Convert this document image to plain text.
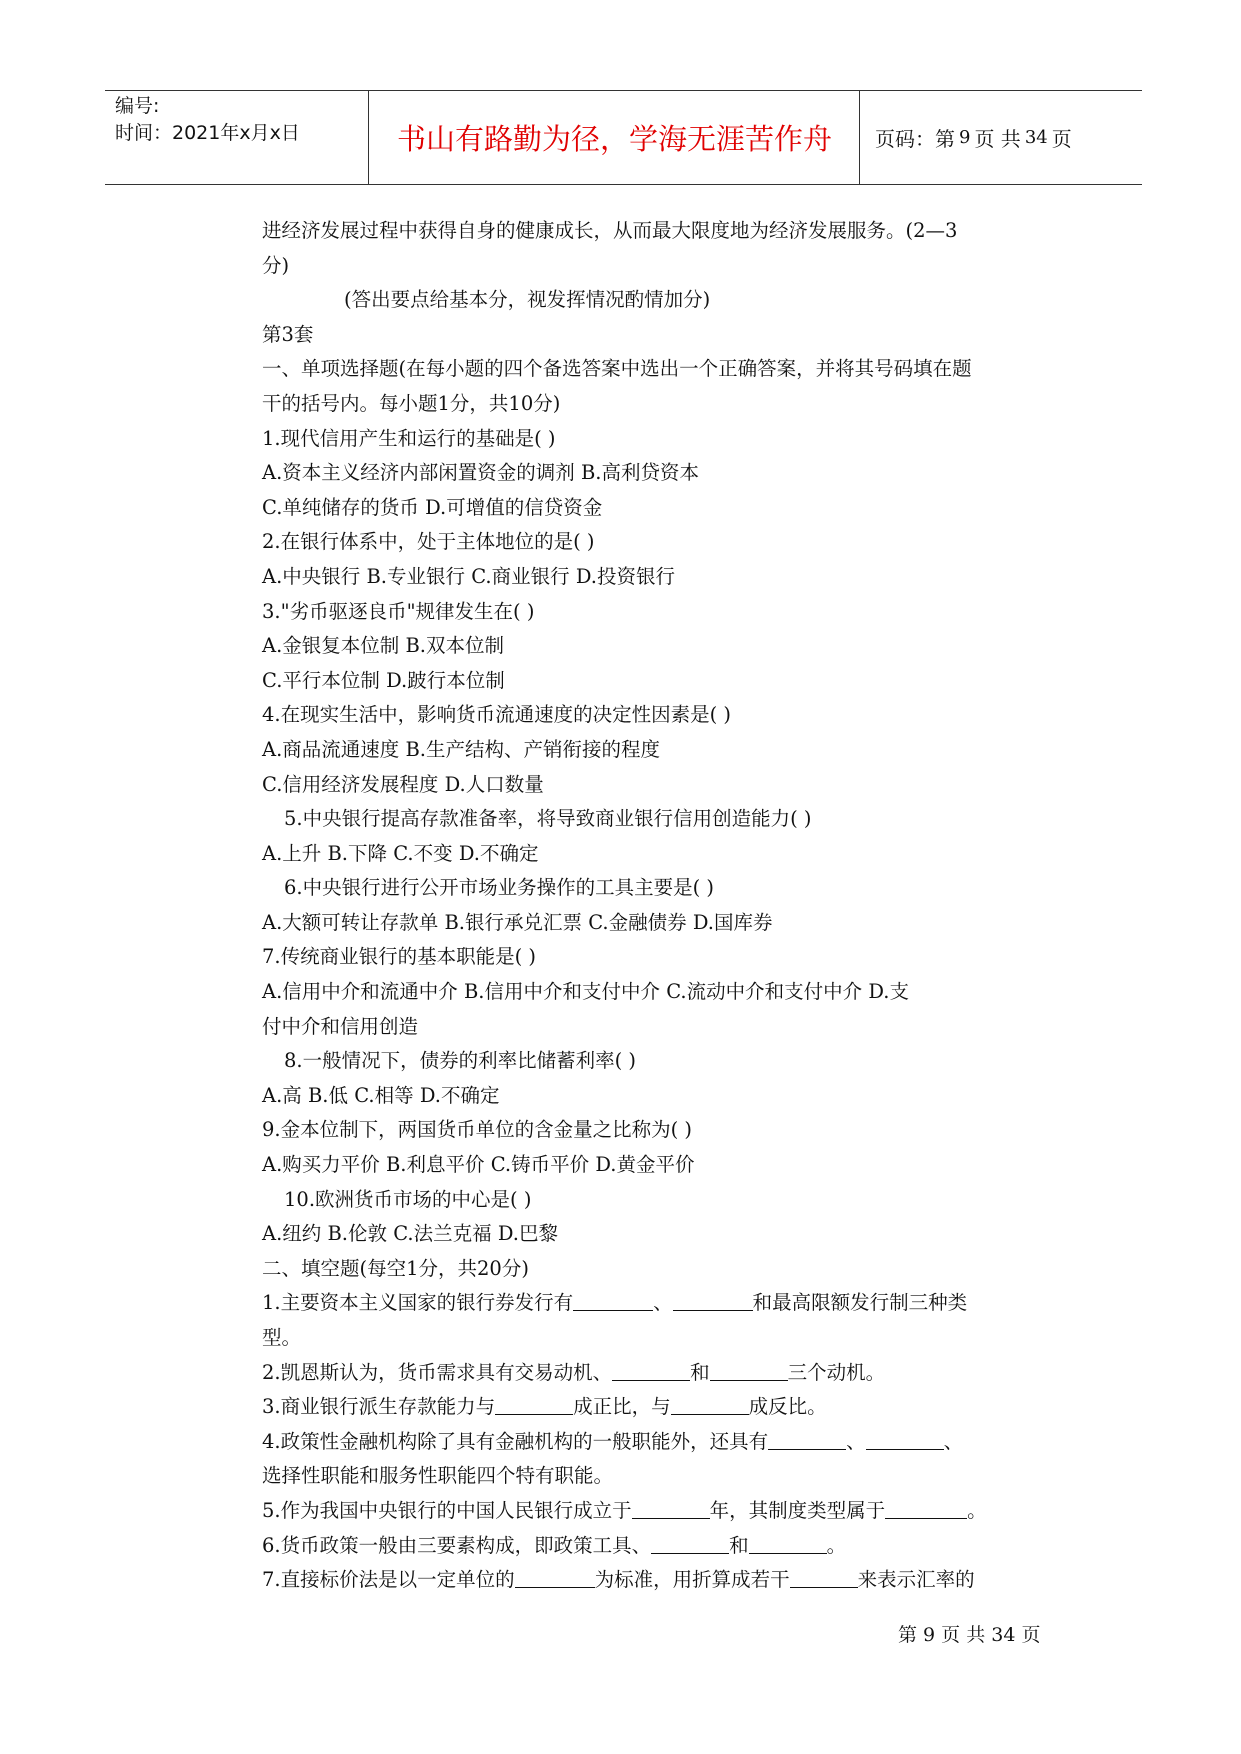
编号:
时间：2021年x月x日	书山有路勤为径，学海无涯苦作舟	页码：第 9 页 共 34 页
进经济发展过程中获得自身的健康成长，从而最大限度地为经济发展服务。(2—3
分)
(答出要点给基本分，视发挥情况酌情加分)
第3套
一、单项选择题(在每小题的四个备选答案中选出一个正确答案，并将其号码填在题
干的括号内。每小题1分，共10分)
1.现代信用产生和运行的基础是( )
A.资本主义经济内部闲置资金的调剂 B.高利贷资本
C.单纯储存的货币 D.可增值的信贷资金
2.在银行体系中，处于主体地位的是( )
A.中央银行 B.专业银行 C.商业银行 D.投资银行
3."劣币驱逐良币"规律发生在( )
A.金银复本位制 B.双本位制
C.平行本位制 D.跛行本位制
4.在现实生活中，影响货币流通速度的决定性因素是( )
A.商品流通速度 B.生产结构、产销衔接的程度
C.信用经济发展程度 D.人口数量
5.中央银行提高存款准备率，将导致商业银行信用创造能力( )
A.上升 B.下降 C.不变 D.不确定
6.中央银行进行公开市场业务操作的工具主要是( )
A.大额可转让存款单 B.银行承兑汇票 C.金融债券 D.国库券
7.传统商业银行的基本职能是( )
A.信用中介和流通中介 B.信用中介和支付中介 C.流动中介和支付中介 D.支
付中介和信用创造
8.一般情况下，债券的利率比储蓄利率( )
A.高 B.低 C.相等 D.不确定
9.金本位制下，两国货币单位的含金量之比称为( )
A.购买力平价 B.利息平价 C.铸币平价 D.黄金平价
10.欧洲货币市场的中心是( )
A.纽约 B.伦敦 C.法兰克福 D.巴黎
二、填空题(每空1分，共20分)
1.主要资本主义国家的银行券发行有	、	和最高限额发行制三种类
型。
2.凯恩斯认为，货币需求具有交易动机、	和	三个动机。
3.商业银行派生存款能力与	成正比，与	成反比。
4.政策性金融机构除了具有金融机构的一般职能外，还具有	、	、
选择性职能和服务性职能四个特有职能。
5.作为我国中央银行的中国人民银行成立于	年，其制度类型属于	。
6.货币政策一般由三要素构成，即政策工具、	和	。
7.直接标价法是以一定单位的	为标准，用折算成若干	来表示汇率的
第 9 页 共 34 页
